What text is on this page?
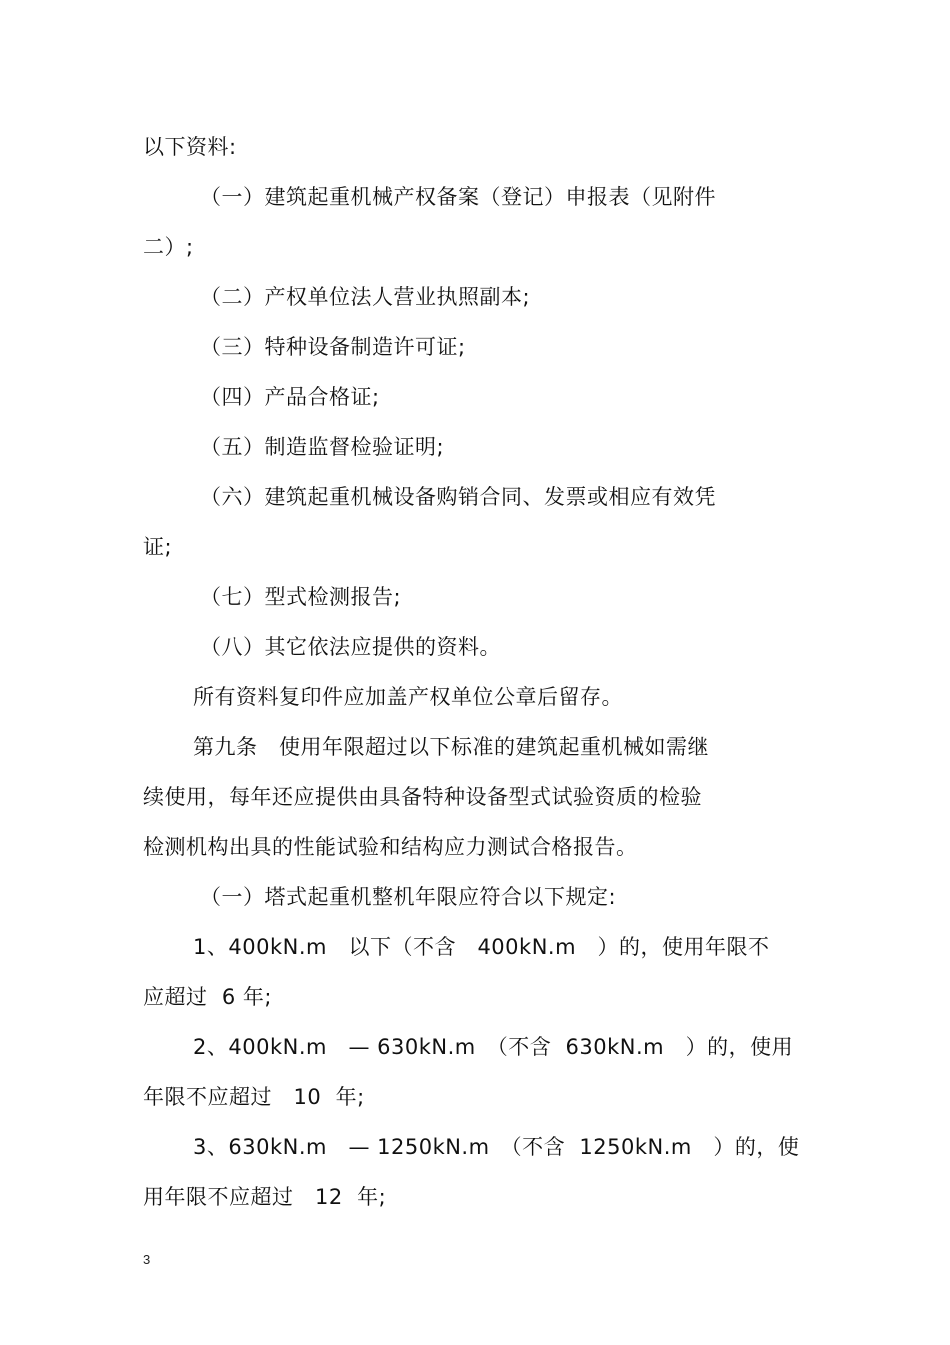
以下资料:
（一）建筑起重机械产权备案（登记）申报表（见附件
二）;
（二）产权单位法人营业执照副本;
（三）特种设备制造许可证;
（四）产品合格证;
（五）制造监督检验证明;
（六）建筑起重机械设备购销合同、发票或相应有效凭
证;
（七）型式检测报告;
（八）其它依法应提供的资料。
所有资料复印件应加盖产权单位公章后留存。
第九条　使用年限超过以下标准的建筑起重机械如需继
续使用，每年还应提供由具备特种设备型式试验资质的检验
检测机构出具的性能试验和结构应力测试合格报告。
（一）塔式起重机整机年限应符合以下规定:
1、400kN.m　以下（不含　400kN.m　）的，使用年限不
应超过  6 年;
2、400kN.m　— 630kN.m　（不含  630kN.m　）的，使用
年限不应超过　10  年;
3、630kN.m　— 1250kN.m　（不含  1250kN.m　）的，使
用年限不应超过　12  年;
3
